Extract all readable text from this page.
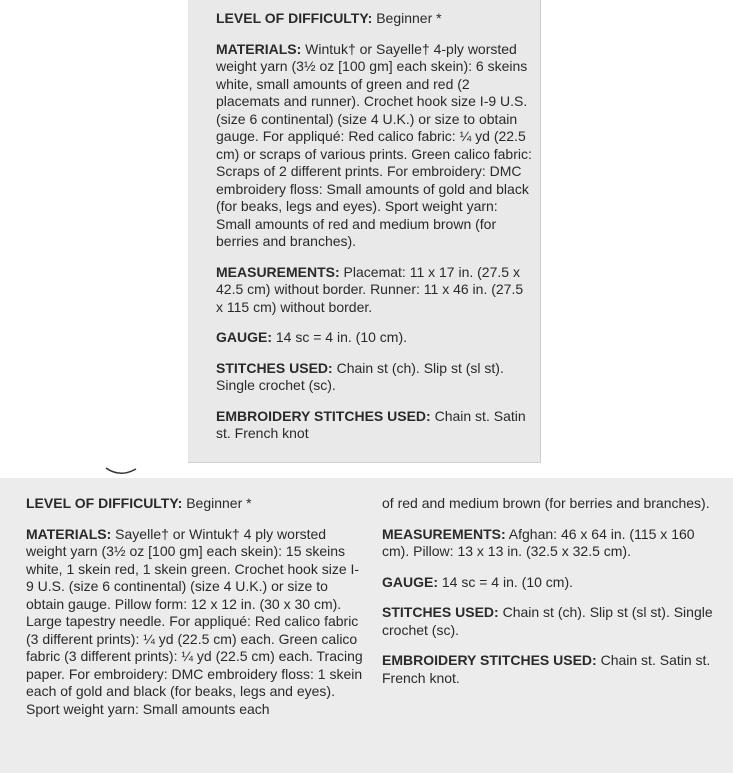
LEVEL OF DIFFICULTY: Beginner *

MATERIALS: Wintuk† or Sayelle† 4-ply worsted weight yarn (3½ oz [100 gm] each skein): 6 skeins white, small amounts of green and red (2 placemats and runner). Crochet hook size I-9 U.S. (size 6 continental) (size 4 U.K.) or size to obtain gauge. For appliqué: Red calico fabric: ¼ yd (22.5 cm) or scraps of various prints. Green calico fabric: Scraps of 2 different prints. For embroidery: DMC embroidery floss: Small amounts of gold and black (for beaks, legs and eyes). Sport weight yarn: Small amounts of red and medium brown (for berries and branches).

MEASUREMENTS: Placemat: 11 x 17 in. (27.5 x 42.5 cm) without border. Runner: 11 x 46 in. (27.5 x 115 cm) without border.

GAUGE: 14 sc = 4 in. (10 cm).

STITCHES USED: Chain st (ch). Slip st (sl st). Single crochet (sc).

EMBROIDERY STITCHES USED: Chain st. Satin st. French knot

LEVEL OF DIFFICULTY: Beginner *

MATERIALS: Sayelle† or Wintuk† 4 ply worsted weight yarn (3½ oz [100 gm] each skein): 15 skeins white, 1 skein red, 1 skein green. Crochet hook size I-9 U.S. (size 6 continental) (size 4 U.K.) or size to obtain gauge. Pillow form: 12 x 12 in. (30 x 30 cm). Large tapestry needle. For appliqué: Red calico fabric (3 different prints): ¼ yd (22.5 cm) each. Green calico fabric (3 different prints): ¼ yd (22.5 cm) each. Tracing paper. For embroidery: DMC embroidery floss: 1 skein each of gold and black (for beaks, legs and eyes). Sport weight yarn: Small amounts each

of red and medium brown (for berries and branches).

MEASUREMENTS: Afghan: 46 x 64 in. (115 x 160 cm). Pillow: 13 x 13 in. (32.5 x 32.5 cm).

GAUGE: 14 sc = 4 in. (10 cm).

STITCHES USED: Chain st (ch). Slip st (sl st). Single crochet (sc).

EMBROIDERY STITCHES USED: Chain st. Satin st. French knot.
